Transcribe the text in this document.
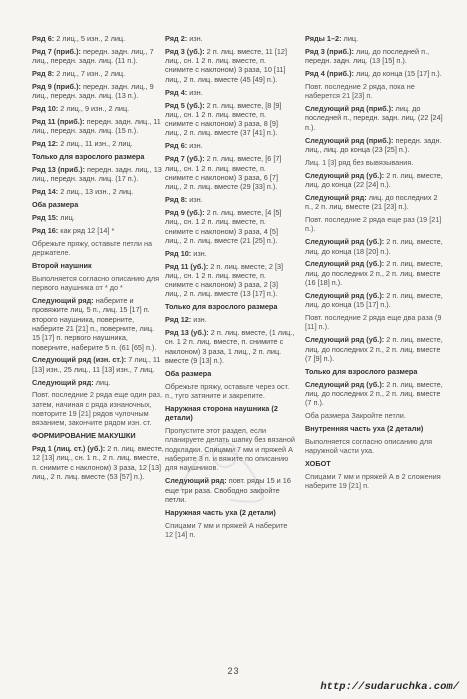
Ряд 6: 2 лиц., 5 изн., 2 лиц.
Ряд 7 (приб.): передн. задн. лиц., 7 лиц., передн. задн. лиц. (11 п.).
Ряд 8: 2 лиц., 7 изн., 2 лиц.
Ряд 9 (приб.): передн. задн. лиц., 9 лиц., передн. задн. лиц. (13 п.).
Ряд 10: 2 лиц., 9 изн., 2 лиц.
Ряд 11 (приб.): передн. задн. лиц., 11 лиц., передн. задн. лиц. (15 п.).
Ряд 12: 2 лиц., 11 изн., 2 лиц.
Только для взрослого размера
Ряд 13 (приб.): передн. задн. лиц., 13 лиц., передн. задн. лиц. (17 п.).
Ряд 14: 2 лиц., 13 изн., 2 лиц.
Оба размера
Ряд 15: лиц.
Ряд 16: как ряд 12 [14] *
Обрежьте пряжу, оставьте петли на держателе.
Второй наушник
Выполняется согласно описанию для первого наушника от * до *
Следующий ряд: наберите и провяжите лиц. 5 п., лиц. 15 [17] п. второго наушника, поверните, наберите 21 [21] п., поверните, лиц. 15 [17] п. первого наушника, поверните, наберите 5 п. (61 [65] п.).
Следующий ряд (изн. ст.): 7 лиц., 11 [13] изн., 25 лиц., 11 [13] изн., 7 лиц.
Следующий ряд: лиц.
Повт. последние 2 ряда еще один раз, затем, начиная с ряда изнаночных, повторите 19 [21] рядов чулочным вязанием, закончите рядом изн. ст.
ФОРМИРОВАНИЕ МАКУШКИ
Ряд 1 (лиц. ст.) (уб.): 2 п. лиц. вместе, 12 [13] лиц., сн. 1 п., 2 п. лиц. вместе, п. снимите с наклоном) 3 раза, 12 [13] лиц., 2 п. лиц. вместе (53 [57] п.).
Ряд 2: изн.
Ряд 3 (уб.): 2 п. лиц. вместе, 11 [12] лиц., сн. 1 2 п. лиц. вместе, п. снимите с наклоном) 3 раза, 10 [11] лиц., 2 п. лиц. вместе (45 [49] п.).
Ряд 4: изн.
Ряд 5 (уб.): 2 п. лиц. вместе, [8 [9] лиц., сн. 1 2 п. лиц. вместе, п. снимите с наклоном) 3 раза, 8 [9] лиц., 2 п. лиц. вместе (37 [41] п.).
Ряд 6: изн.
Ряд 7 (уб.): 2 п. лиц. вместе, [6 [7] лиц., сн. 1 2 п. лиц. вместе, п. снимите с наклоном) 3 раза, 6 [7] лиц., 2 п. лиц. вместе (29 [33] п.).
Ряд 8: изн.
Ряд 9 (уб.): 2 п. лиц. вместе, [4 [5] лиц., сн. 1 2 п. лиц. вместе, п. снимите с наклоном) 3 раза, 4 [5] лиц., 2 п. лиц. вместе (21 [25] п.).
Ряд 10: изн.
Ряд 11 (уб.): 2 п. лиц. вместе, 2 [3] лиц., сн. 1 2 п. лиц. вместе, п. снимите с наклоном) 3 раза, 2 [3] лиц., 2 п. лиц. вместе (13 [17] п.).
Только для взрослого размера
Ряд 12: изн.
Ряд 13 (уб.): 2 п. лиц. вместе, (1 лиц., сн. 1 2 п. лиц. вместе, п. снимите с наклоном) 3 раза, 1 лиц., 2 п. лиц. вместе (9 [13] п.).
Оба размера
Обрежьте пряжу, оставьте через ост. п., туго затяните и закрепите.
Наружная сторона наушника (2 детали)
Пропустите этот раздел, если планируете делать шапку без вязаной подкладки. Спицами 7 мм и пряжей А наберите 3 п. и вяжите по описанию для наушников.
Следующий ряд: повт. ряды 15 и 16 еще три раза. Свободно закройте петли.
Наружная часть уха (2 детали)
Спицами 7 мм и пряжей А наберите 12 [14] п.
Ряды 1–2: лиц.
Ряд 3 (приб.): лиц. до последней п., передн. задн. лиц. (13 [15] п.).
Ряд 4 (приб.): лиц. до конца (15 [17] п.).
Повт. последние 2 ряда, пока не наберется 21 [23] п.
Следующий ряд (приб.): лиц. до последней п., передн. задн. лиц. (22 [24] п.).
Следующий ряд (приб.): передн. задн. лиц., лиц. до конца (23 [25] п.).
Лиц. 1 [3] ряд без вывязывания.
Следующий ряд (уб.): 2 п. лиц. вместе, лиц. до конца (22 [24] п.).
Следующий ряд: лиц. до последних 2 п., 2 п. лиц. вместе (21 [23] п.).
Повт. последние 2 ряда еще раз (19 [21] п.).
Следующий ряд (уб.): 2 п. лиц. вместе, лиц. до конца (18 [20] п.).
Следующий ряд (уб.): 2 п. лиц. вместе, лиц. до последних 2 п., 2 п. лиц. вместе (16 [18] п.).
Следующий ряд (уб.): 2 п. лиц. вместе, лиц. до конца (15 [17] п.).
Повт. последние 2 ряда еще два раза (9 [11] п.).
Следующий ряд (уб.): 2 п. лиц. вместе, лиц. до последних 2 п., 2 п. лиц. вместе (7 [9] п.).
Только для взрослого размера
Следующий ряд (уб.): 2 п. лиц. вместе, лиц. до последних 2 п., 2 п. лиц. вместе (7 п.).
Оба размера Закройте петли.
Внутренняя часть уха (2 детали)
Выполняется согласно описанию для наружной части уха.
ХОБОТ
Спицами 7 мм и пряжей А в 2 сложения наберите 19 [21] п.
23
http://sudaruchka.com/
